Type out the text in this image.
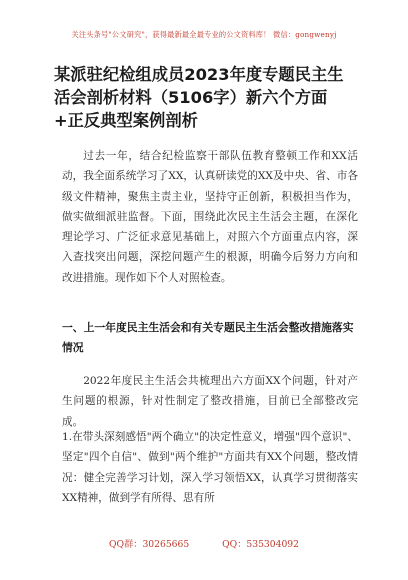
关注头条号"公文研究"，获得最新最全最专业的公文资料库！ 微信：gongwenyj
某派驻纪检组成员2023年度专题民主生活会剖析材料（5106字）新六个方面+正反典型案例剖析
过去一年，结合纪检监察干部队伍教育整顿工作和XX活动，我全面系统学习了XX，认真研读党的XX及中央、省、市各级文件精神，聚焦主责主业，坚持守正创新，积极担当作为，做实做细派驻监督。下面，围绕此次民主生活会主题，在深化理论学习、广泛征求意见基础上，对照六个方面重点内容，深入查找突出问题，深挖问题产生的根源，明确今后努力方向和改进措施。现作如下个人对照检查。
一、上一年度民主生活会和有关专题民主生活会整改措施落实情况
2022年度民主生活会共梳理出六方面XX个问题，针对产生问题的根源，针对性制定了整改措施，目前已全部整改完成。
1.在带头深刻感悟"两个确立"的决定性意义，增强"四个意识"、坚定"四个自信"、做到"两个维护"方面共有XX个问题，整改情况：健全完善学习计划，深入学习领悟XX，认真学习贯彻落实XX精神，做到学有所得、思有所
QQ群：30265665	QQ：535304092
